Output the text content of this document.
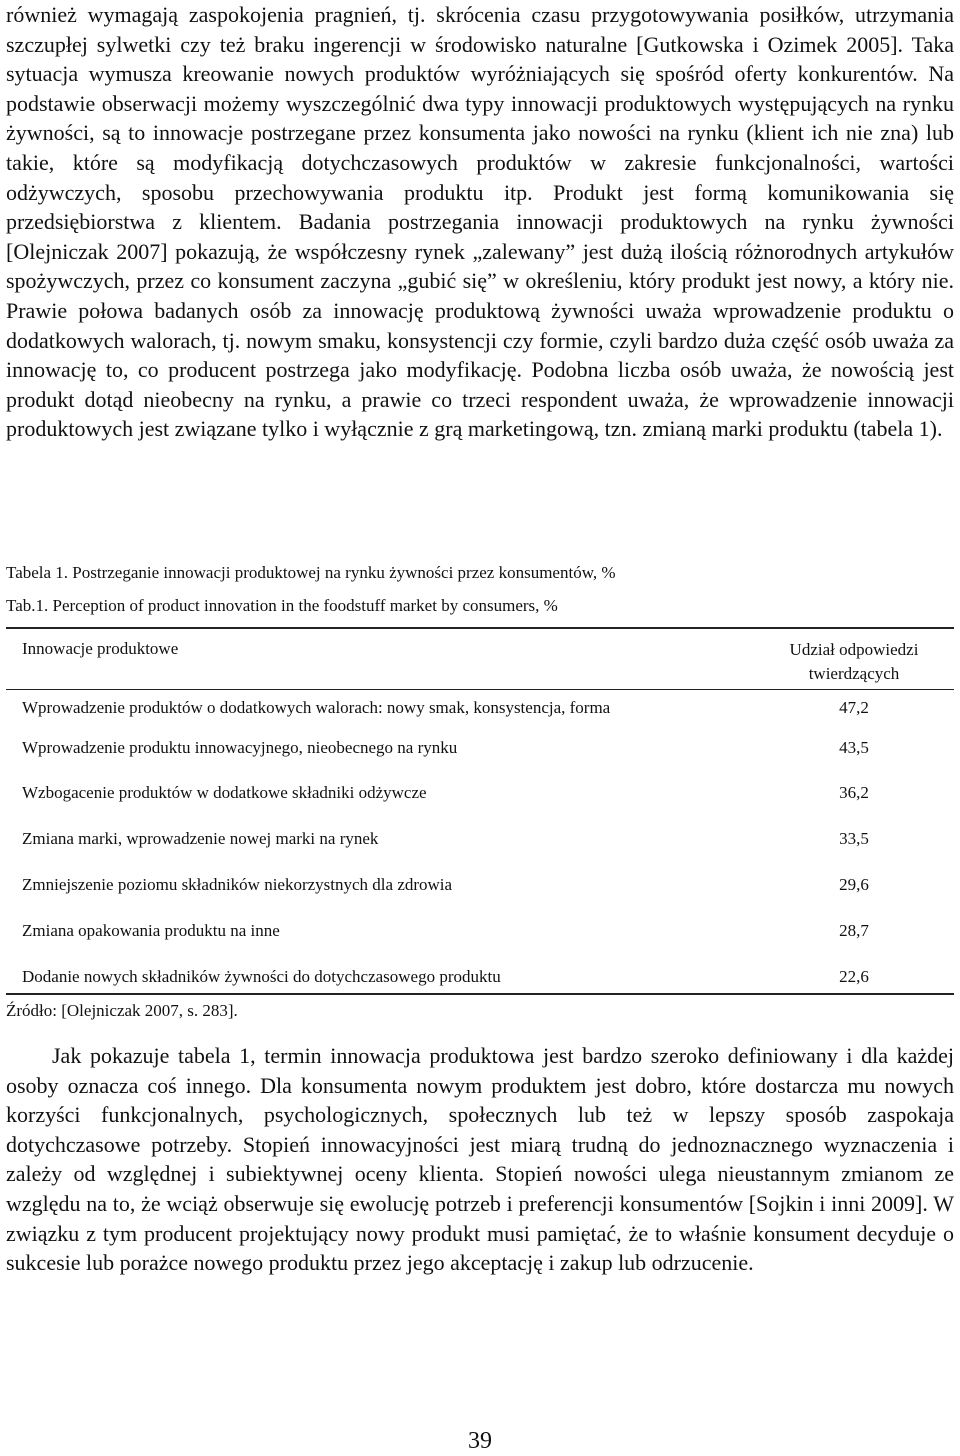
również wymagają zaspokojenia pragnień, tj. skrócenia czasu przygotowywania posiłków, utrzymania szczupłej sylwetki czy też braku ingerencji w środowisko naturalne [Gutkowska i Ozimek 2005]. Taka sytuacja wymusza kreowanie nowych produktów wyróżniających się spośród oferty konkurentów. Na podstawie obserwacji możemy wyszczególnić dwa typy innowacji produktowych występujących na rynku żywności, są to innowacje postrzegane przez konsumenta jako nowości na rynku (klient ich nie zna) lub takie, które są modyfikacją dotychczasowych produktów w zakresie funkcjonalności, wartości odżywczych, sposobu przechowywania produktu itp. Produkt jest formą komunikowania się przedsiębiorstwa z klientem. Badania postrzegania innowacji produktowych na rynku żywności [Olejniczak 2007] pokazują, że współczesny rynek „zalewany” jest dużą ilością różnorodnych artykułów spożywczych, przez co konsument zaczyna „gubić się” w określeniu, który produkt jest nowy, a który nie. Prawie połowa badanych osób za innowację produktową żywności uważa wprowadzenie produktu o dodatkowych walorach, tj. nowym smaku, konsystencji czy formie, czyli bardzo duża część osób uważa za innowację to, co producent postrzega jako modyfikację. Podobna liczba osób uważa, że nowością jest produkt dotąd nieobecny na rynku, a prawie co trzeci respondent uważa, że wprowadzenie innowacji produktowych jest związane tylko i wyłącznie z grą marketingową, tzn. zmianą marki produktu (tabela 1).

Tabela 1. Postrzeganie innowacji produktowej na rynku żywności przez konsumentów, %

Tab.1. Perception of product innovation in the foodstuff market by consumers, %

Innowacje produktowe	Udział odpowiedzi twierdzących
Wprowadzenie produktów o dodatkowych walorach: nowy smak, konsystencja, forma	47,2
Wprowadzenie produktu innowacyjnego, nieobecnego na rynku	43,5
Wzbogacenie produktów w dodatkowe składniki odżywcze	36,2
Zmiana marki, wprowadzenie nowej marki na rynek	33,5
Zmniejszenie poziomu składników niekorzystnych dla zdrowia	29,6
Zmiana opakowania produktu na inne	28,7
Dodanie nowych składników żywności do dotychczasowego produktu	22,6
Źródło: [Olejniczak 2007, s. 283].

Jak pokazuje tabela 1, termin innowacja produktowa jest bardzo szeroko definiowany i dla każdej osoby oznacza coś innego. Dla konsumenta nowym produktem jest dobro, które dostarcza mu nowych korzyści funkcjonalnych, psychologicznych, społecznych lub też w lepszy sposób zaspokaja dotychczasowe potrzeby. Stopień innowacyjności jest miarą trudną do jednoznacznego wyznaczenia i zależy od względnej i subiektywnej oceny klienta. Stopień nowości ulega nieustannym zmianom ze względu na to, że wciąż obserwuje się ewolucję potrzeb i preferencji konsumentów [Sojkin i inni 2009]. W związku z tym producent projektujący nowy produkt musi pamiętać, że to właśnie konsument decyduje o sukcesie lub porażce nowego produktu przez jego akceptację i zakup lub odrzucenie.

39
